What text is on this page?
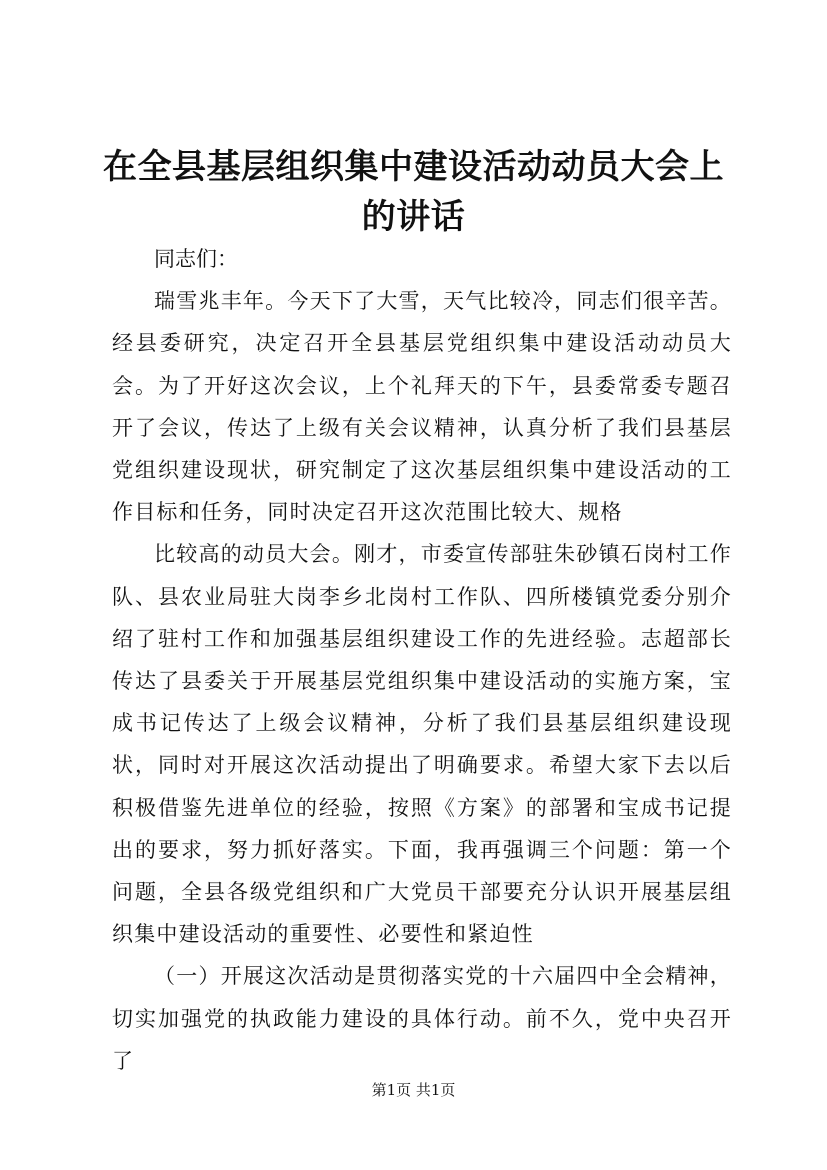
在全县基层组织集中建设活动动员大会上的讲话

同志们：

瑞雪兆丰年。今天下了大雪，天气比较冷，同志们很辛苦。经县委研究，决定召开全县基层党组织集中建设活动动员大会。为了开好这次会议，上个礼拜天的下午，县委常委专题召开了会议，传达了上级有关会议精神，认真分析了我们县基层党组织建设现状，研究制定了这次基层组织集中建设活动的工作目标和任务，同时决定召开这次范围比较大、规格

比较高的动员大会。刚才，市委宣传部驻朱砂镇石岗村工作队、县农业局驻大岗李乡北岗村工作队、四所楼镇党委分别介绍了驻村工作和加强基层组织建设工作的先进经验。志超部长传达了县委关于开展基层党组织集中建设活动的实施方案，宝成书记传达了上级会议精神，分析了我们县基层组织建设现状，同时对开展这次活动提出了明确要求。希望大家下去以后积极借鉴先进单位的经验，按照《方案》的部署和宝成书记提出的要求，努力抓好落实。下面，我再强调三个问题：第一个问题，全县各级党组织和广大党员干部要充分认识开展基层组织集中建设活动的重要性、必要性和紧迫性

（一）开展这次活动是贯彻落实党的十六届四中全会精神，切实加强党的执政能力建设的具体行动。前不久，党中央召开了

第1页 共1页
